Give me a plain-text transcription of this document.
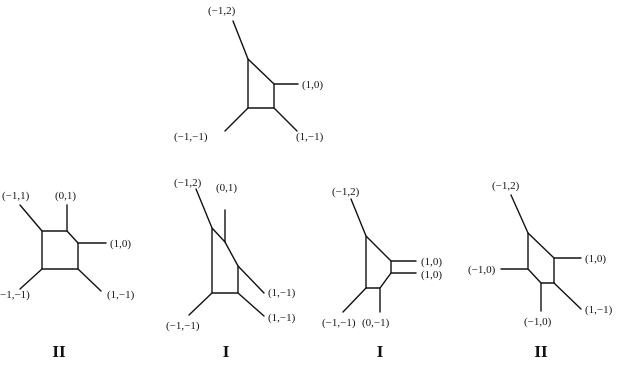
(−1,2)
(1,0)
(−1,−1)	(1,−1)
(−1,1) (0,1)
(1,0)
−1,−1)	(1,−1)
II
(−1,2) (0,1)
(1,−1)
(−1,−1)
(1,−1)
I
(−1,2)
(1,0)
(1,0)
(−1,−1) (0,−1)
I
(−1,2)
(1,0)
(−1,0)
(−1,0)
(1,−1)
II
